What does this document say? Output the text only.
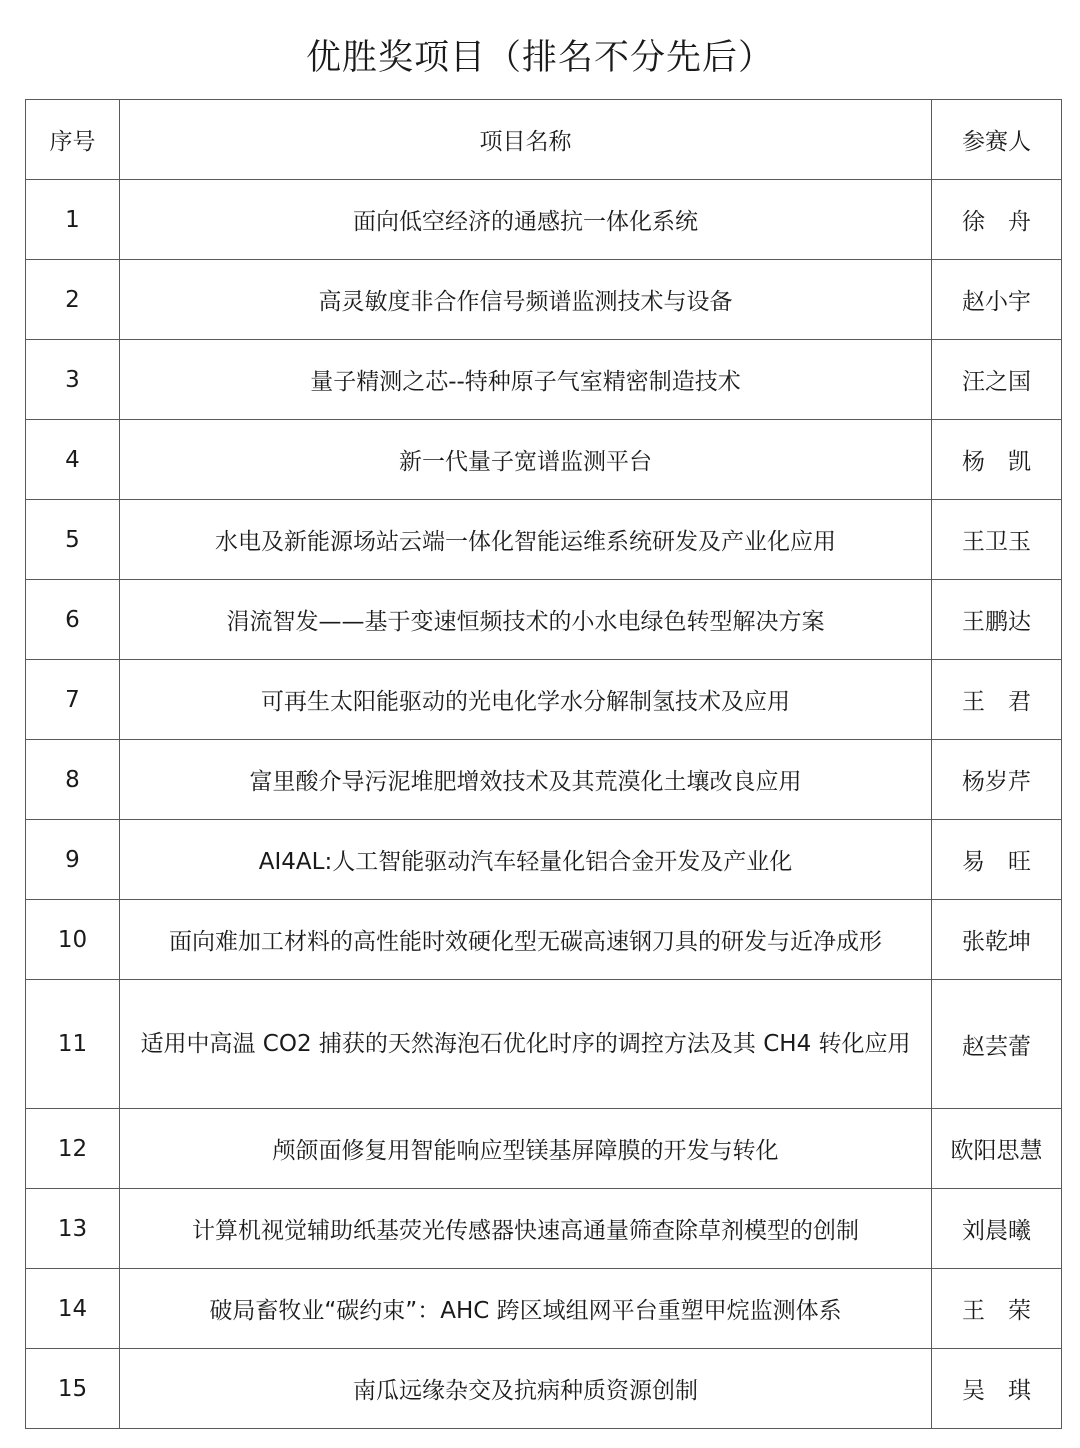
优胜奖项目（排名不分先后）
序号	项目名称	参赛人
1	面向低空经济的通感抗一体化系统	徐　舟
2	高灵敏度非合作信号频谱监测技术与设备	赵小宇
3	量子精测之芯--特种原子气室精密制造技术	汪之国
4	新一代量子宽谱监测平台	杨　凯
5	水电及新能源场站云端一体化智能运维系统研发及产业化应用	王卫玉
6	涓流智发——基于变速恒频技术的小水电绿色转型解决方案	王鹏达
7	可再生太阳能驱动的光电化学水分解制氢技术及应用	王　君
8	富里酸介导污泥堆肥增效技术及其荒漠化土壤改良应用	杨岁芹
9	AI4AL:人工智能驱动汽车轻量化铝合金开发及产业化	易　旺
10	面向难加工材料的高性能时效硬化型无碳高速钢刀具的研发与近净成形	张乾坤
11	适用中高温 CO2 捕获的天然海泡石优化时序的调控方法及其 CH4 转化应用	赵芸蕾
12	颅颌面修复用智能响应型镁基屏障膜的开发与转化	欧阳思慧
13	计算机视觉辅助纸基荧光传感器快速高通量筛查除草剂模型的创制	刘晨曦
14	破局畜牧业“碳约束”：AHC 跨区域组网平台重塑甲烷监测体系	王　荣
15	南瓜远缘杂交及抗病种质资源创制	吴　琪
